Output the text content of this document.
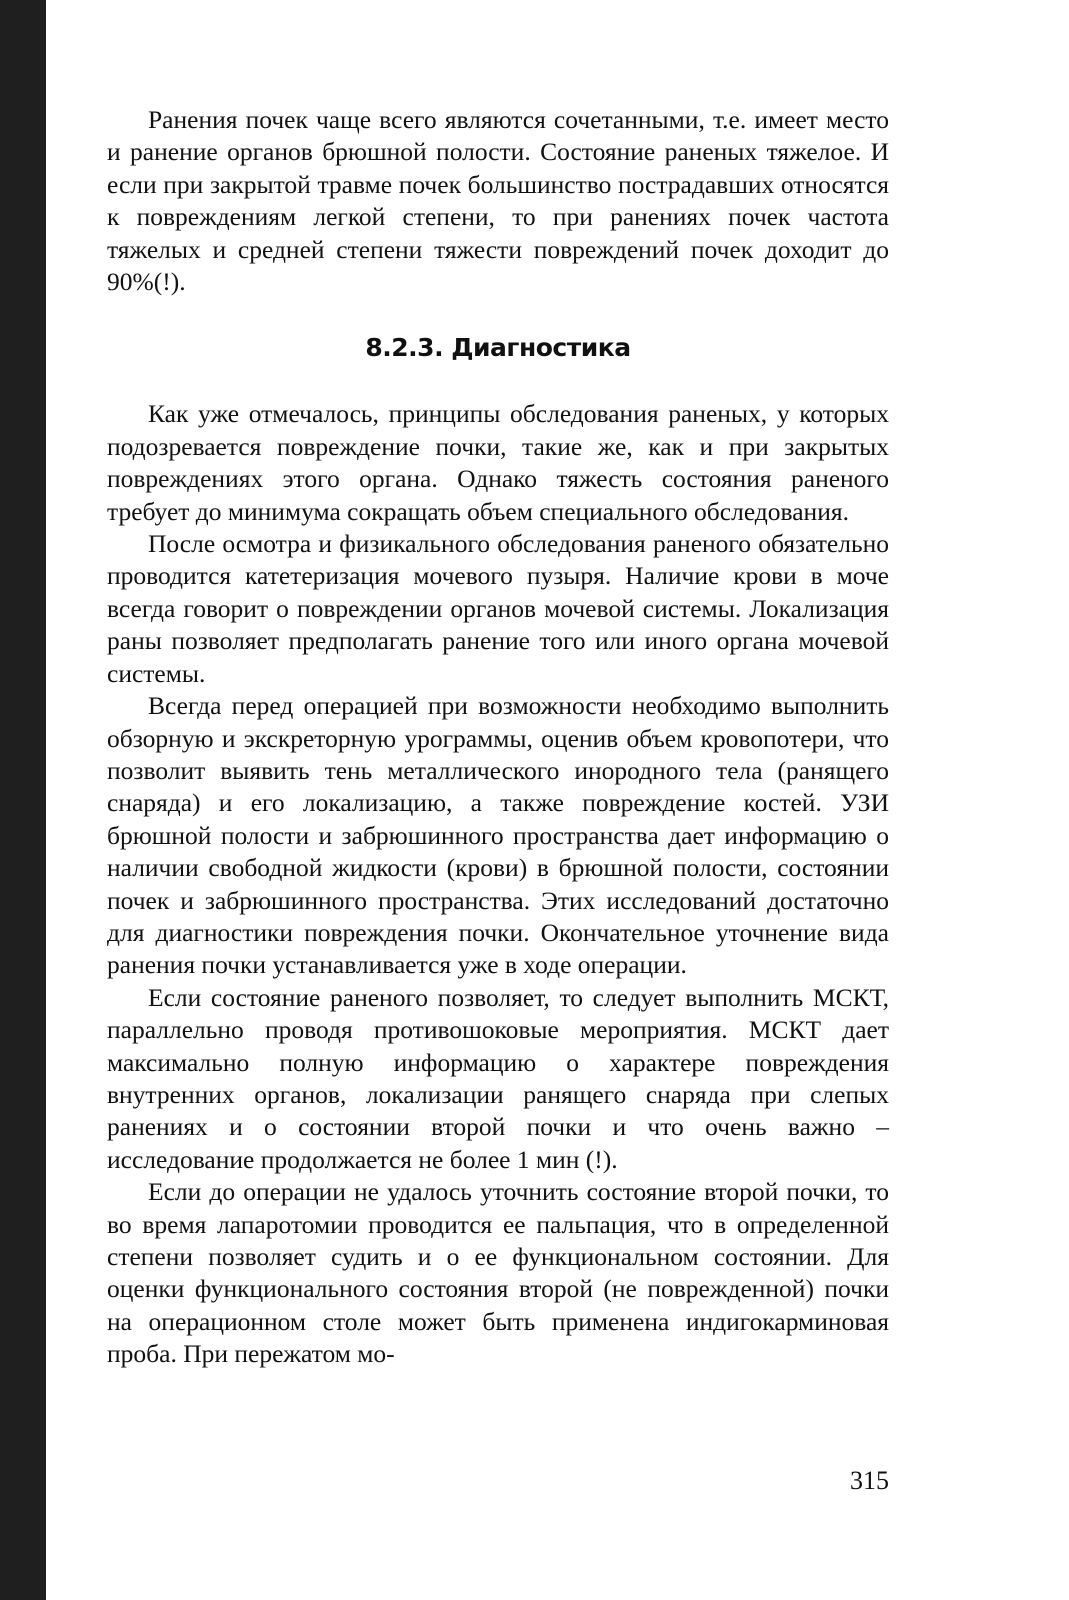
Ранения почек чаще всего являются сочетанными, т.е. имеет место и ранение органов брюшной полости. Состояние раненых тяжелое. И если при закрытой травме почек большинство пострадавших относятся к повреждениям легкой степени, то при ранениях почек частота тяжелых и средней степени тяжести повреждений почек доходит до 90%(!).

8.2.3. Диагностика

Как уже отмечалось, принципы обследования раненых, у которых подозревается повреждение почки, такие же, как и при закрытых повреждениях этого органа. Однако тяжесть состояния раненого требует до минимума сокращать объем специального обследования.

После осмотра и физикального обследования раненого обязательно проводится катетеризация мочевого пузыря. Наличие крови в моче всегда говорит о повреждении органов мочевой системы. Локализация раны позволяет предполагать ранение того или иного органа мочевой системы.

Всегда перед операцией при возможности необходимо выполнить обзорную и экскреторную урограммы, оценив объем кровопотери, что позволит выявить тень металлического инородного тела (ранящего снаряда) и его локализацию, а также повреждение костей. УЗИ брюшной полости и забрюшинного пространства дает информацию о наличии свободной жидкости (крови) в брюшной полости, состоянии почек и забрюшинного пространства. Этих исследований достаточно для диагностики повреждения почки. Окончательное уточнение вида ранения почки устанавливается уже в ходе операции.

Если состояние раненого позволяет, то следует выполнить МСКТ, параллельно проводя противошоковые мероприятия. МСКТ дает максимально полную информацию о характере повреждения внутренних органов, локализации ранящего снаряда при слепых ранениях и о состоянии второй почки и что очень важно – исследование продолжается не более 1 мин (!).

Если до операции не удалось уточнить состояние второй почки, то во время лапаротомии проводится ее пальпация, что в определенной степени позволяет судить и о ее функциональном состоянии. Для оценки функционального состояния второй (не поврежденной) почки на операционном столе может быть применена индигокарминовая проба. При пережатом мо-

315
